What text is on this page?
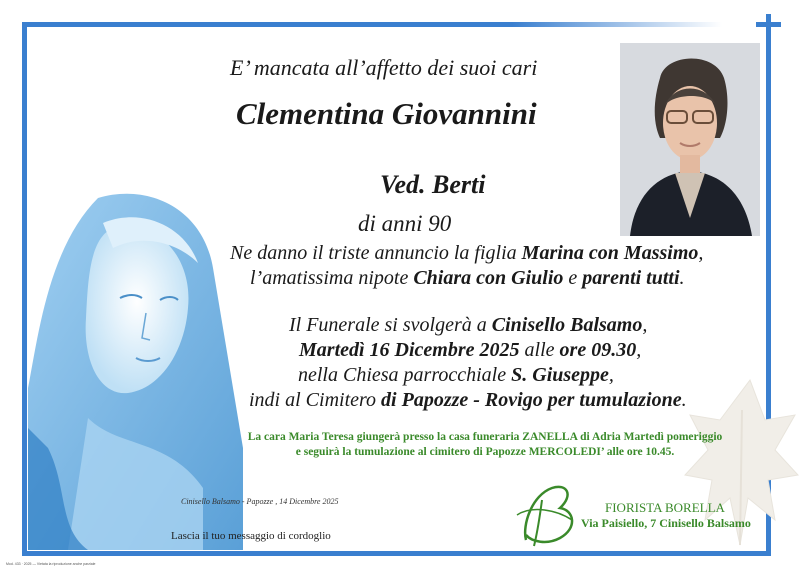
E’ mancata all’affetto dei suoi cari
Clementina Giovannini
Ved. Berti
di anni 90
Ne danno il triste annuncio la figlia Marina con Massimo,
l’amatissima nipote Chiara con Giulio e parenti tutti.
Il Funerale si svolgerà a Cinisello Balsamo,
Martedì 16 Dicembre 2025 alle ore 09.30,
nella Chiesa parrocchiale S. Giuseppe,
indi al Cimitero di Papozze - Rovigo per tumulazione.
La cara Maria Teresa giungerà presso la casa funeraria ZANELLA di Adria Martedì pomeriggio
e seguirà la tumulazione al cimitero di Papozze MERCOLEDI’ alle ore 10.45.
Cinisello Balsamo - Papozze , 14 Dicembre 2025
Lascia il tuo messaggio di cordoglio
FIORISTA BORELLA
Via Paisiello, 7 Cinisello Balsamo
Mod. 433 · 2025 — Vietata la riproduzione anche parziale
